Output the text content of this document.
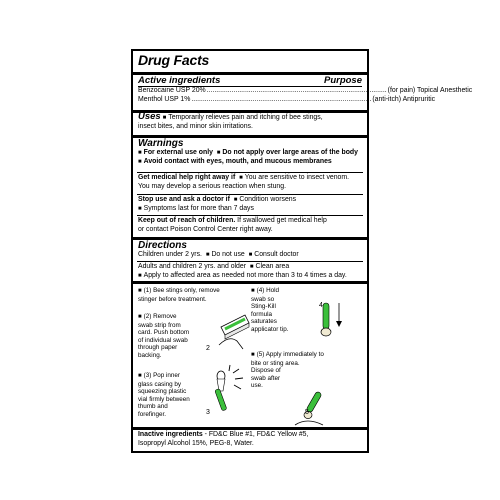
Drug Facts
Active ingredients	Purpose
Benzocaine USP 20% .............................................................................................. (for pain) Topical Anesthetic
Menthol USP 1% .............................................................................................. (anti-itch) Antipruritic
Uses ■ Temporarily relieves pain and itching of bee stings,
insect bites, and minor skin irritations.
Warnings
■ For external use only ■ Do not apply over large areas of the body
■ Avoid contact with eyes, mouth, and mucous membranes
Get medical help right away if ■ You are sensitive to insect venom.
You may develop a serious reaction when stung.
Stop use and ask a doctor if ■ Condition worsens
■ Symptoms last for more than 7 days
Keep out of reach of children. If swallowed get medical help
or contact Poison Control Center right away.
Directions
Children under 2 yrs. ■ Do not use ■ Consult doctor
Adults and children 2 yrs. and older ■ Clean area
■ Apply to affected area as needed not more than 3 to 4 times a day.
■ (1) Bee stings only, remove
stinger before treatment.
■ (2) Remove
swab strip from
card. Push bottom
of individual swab
through paper
backing.
■ (3) Pop inner
glass casing by
squeezing plastic
vial firmly between
thumb and
forefinger.
■ (4) Hold
swab so
Sting-Kill
formula
saturates
applicator tip.
■ (5) Apply immediately to
bite or sting area.
Dispose of
swab after
use.
2
3
4
5
Inactive ingredients - FD&C Blue #1, FD&C Yellow #5,
Isopropyl Alcohol 15%, PEG-8, Water.
